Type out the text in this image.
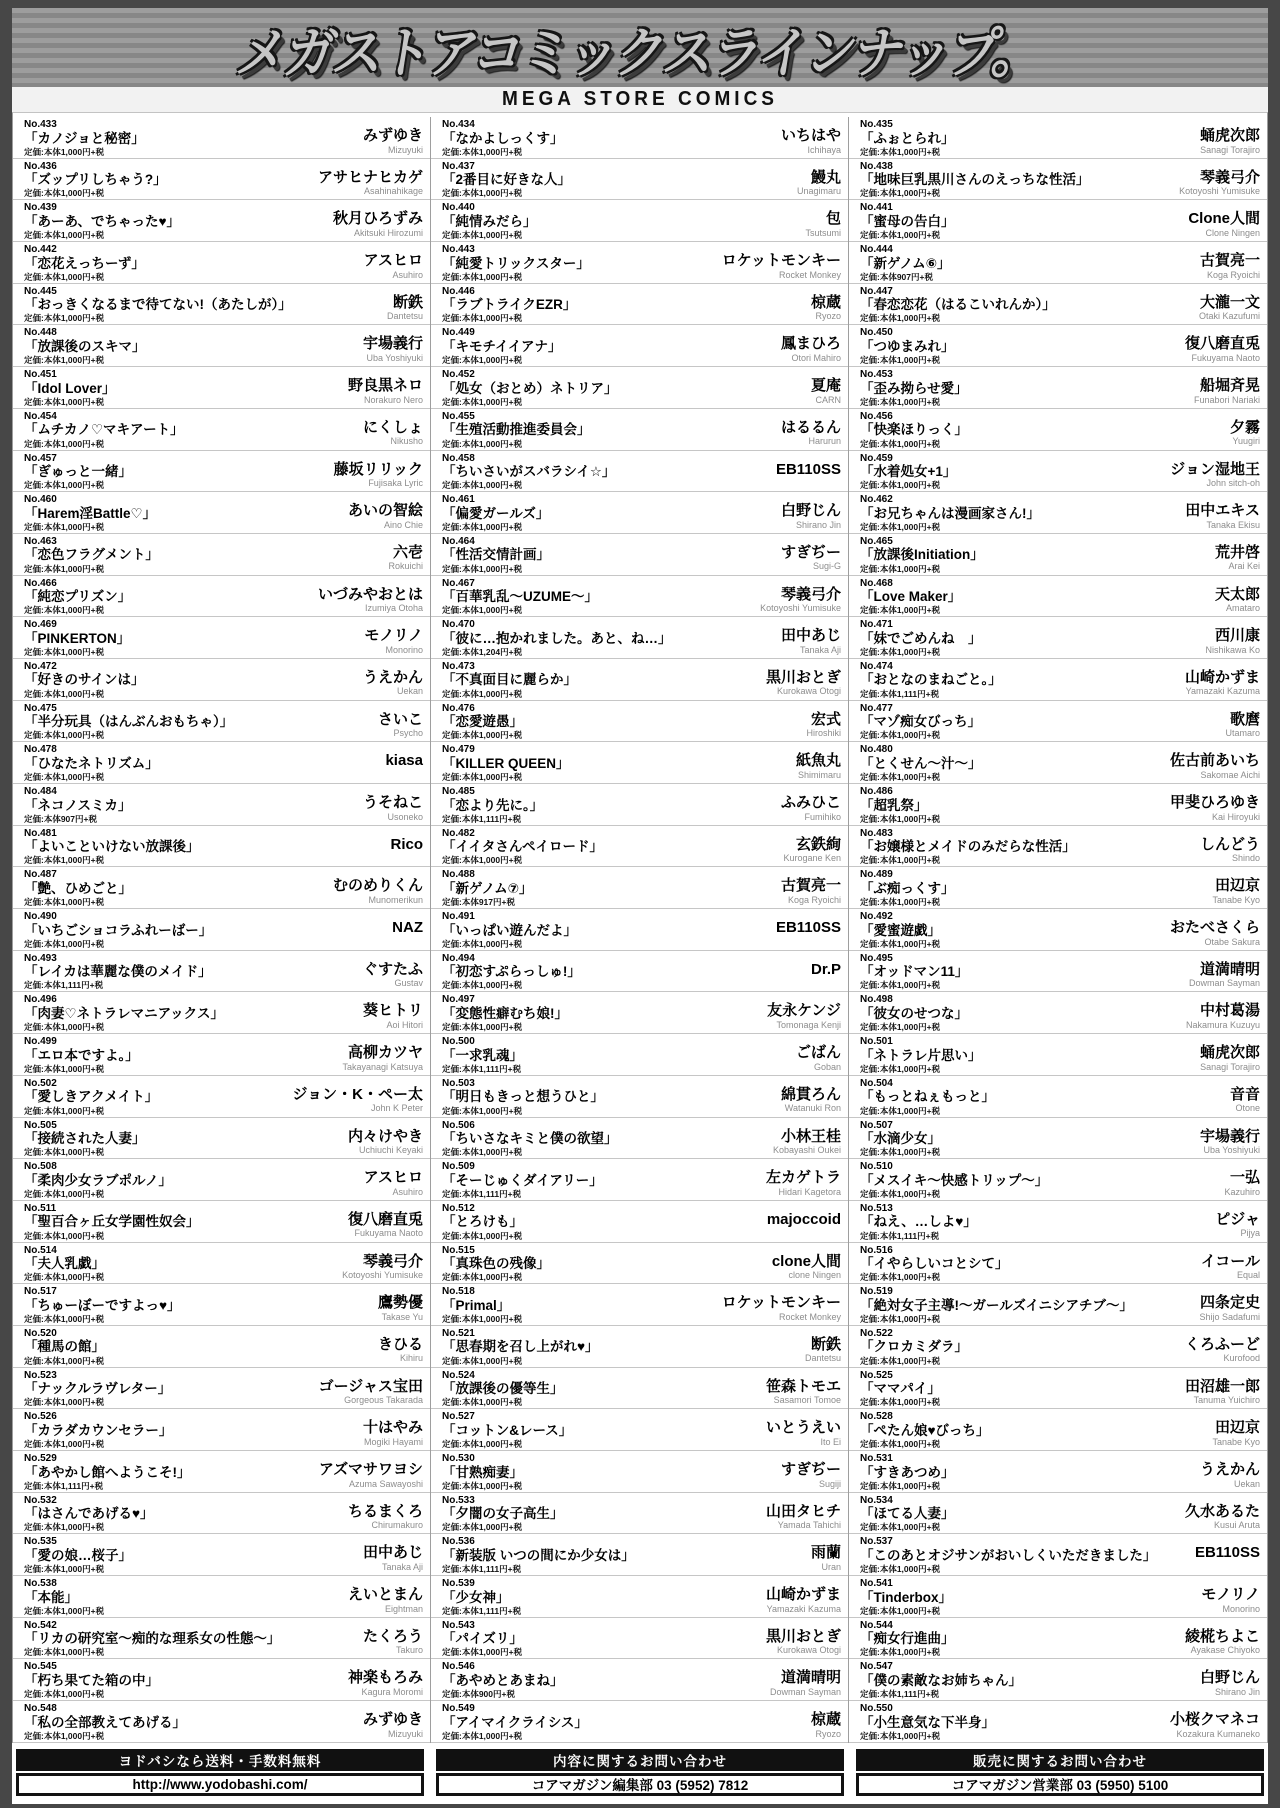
メガストアコミックスラインナップ。
MEGA STORE COMICS
No.433
「カノジョと秘密」
定価:本体1,000円+税
みずゆき
Mizuyuki
No.436
「ズップリしちゃう?」
定価:本体1,000円+税
アサヒナヒカゲ
Asahinahikage
No.439
「あーあ、でちゃった♥」
定価:本体1,000円+税
秋月ひろずみ
Akitsuki Hirozumi
No.442
「恋花えっちーず」
定価:本体1,000円+税
アスヒロ
Asuhiro
No.445
「おっきくなるまで待てない!（あたしが）」
定価:本体1,000円+税
断鉄
Dantetsu
No.448
「放課後のスキマ」
定価:本体1,000円+税
宇場義行
Uba Yoshiyuki
No.451
「Idol Lover」
定価:本体1,000円+税
野良黒ネロ
Norakuro Nero
No.454
「ムチカノ♡マキアート」
定価:本体1,000円+税
にくしょ
Nikusho
No.457
「ぎゅっと一緒」
定価:本体1,000円+税
藤坂リリック
Fujisaka Lyric
No.460
「Harem淫Battle♡」
定価:本体1,000円+税
あいの智絵
Aino Chie
No.463
「恋色フラグメント」
定価:本体1,000円+税
六壱
Rokuichi
No.466
「純恋プリズン」
定価:本体1,000円+税
いづみやおとは
Izumiya Otoha
No.469
「PINKERTON」
定価:本体1,000円+税
モノリノ
Monorino
No.472
「好きのサインは」
定価:本体1,000円+税
うえかん
Uekan
No.475
「半分玩具（はんぶんおもちゃ）」
定価:本体1,000円+税
さいこ
Psycho
No.478
「ひなたネトリズム」
定価:本体1,000円+税
kiasa
No.484
「ネコノスミカ」
定価:本体907円+税
うそねこ
Usoneko
No.481
「よいこといけない放課後」
定価:本体1,000円+税
Rico
No.487
「艶、ひめごと」
定価:本体1,000円+税
むのめりくん
Munomerikun
No.490
「いちごショコラふれーばー」
定価:本体1,000円+税
NAZ
No.493
「レイカは華麗な僕のメイド」
定価:本体1,111円+税
ぐすたふ
Gustav
No.496
「肉妻♡ネトラレマニアックス」
定価:本体1,000円+税
葵ヒトリ
Aoi Hitori
No.499
「エロ本ですよ。」
定価:本体1,000円+税
高柳カツヤ
Takayanagi Katsuya
No.502
「愛しきアクメイト」
定価:本体1,000円+税
ジョン・K・ペー太
John K Peter
No.505
「接続された人妻」
定価:本体1,000円+税
内々けやき
Uchiuchi Keyaki
No.508
「柔肉少女ラブポルノ」
定価:本体1,000円+税
アスヒロ
Asuhiro
No.511
「聖百合ヶ丘女学園性奴会」
定価:本体1,000円+税
復八磨直兎
Fukuyama Naoto
No.514
「夫人乳戯」
定価:本体1,000円+税
琴義弓介
Kotoyoshi Yumisuke
No.517
「ちゅーぼーですよっ♥」
定価:本体1,000円+税
鷹勢優
Takase Yu
No.520
「種馬の館」
定価:本体1,000円+税
きひる
Kihiru
No.523
「ナックルラヴレター」
定価:本体1,000円+税
ゴージャス宝田
Gorgeous Takarada
No.526
「カラダカウンセラー」
定価:本体1,000円+税
十はやみ
Mogiki Hayami
No.529
「あやかし館へようこそ!」
定価:本体1,111円+税
アズマサワヨシ
Azuma Sawayoshi
No.532
「はさんであげる♥」
定価:本体1,000円+税
ちるまくろ
Chirumakuro
No.535
「愛の娘…桜子」
定価:本体1,000円+税
田中あじ
Tanaka Aji
No.538
「本能」
定価:本体1,000円+税
えいとまん
Eightman
No.542
「リカの研究室～痴的な理系女の性態～」
定価:本体1,000円+税
たくろう
Takuro
No.545
「朽ち果てた箱の中」
定価:本体1,000円+税
神楽もろみ
Kagura Moromi
No.548
「私の全部教えてあげる」
定価:本体1,000円+税
みずゆき
Mizuyuki
No.434
「なかよしっくす」
定価:本体1,000円+税
いちはや
Ichihaya
No.437
「2番目に好きな人」
定価:本体1,000円+税
鰻丸
Unagimaru
No.440
「純情みだら」
定価:本体1,000円+税
包
Tsutsumi
No.443
「純愛トリックスター」
定価:本体1,000円+税
ロケットモンキー
Rocket Monkey
No.446
「ラブトライクEZR」
定価:本体1,000円+税
椋蔵
Ryozo
No.449
「キモチイイアナ」
定価:本体1,000円+税
鳳まひろ
Otori Mahiro
No.452
「処女（おとめ）ネトリア」
定価:本体1,000円+税
夏庵
CARN
No.455
「生殖活動推進委員会」
定価:本体1,000円+税
はるるん
Harurun
No.458
「ちいさいがスバラシイ☆」
定価:本体1,000円+税
EB110SS
No.461
「偏愛ガールズ」
定価:本体1,000円+税
白野じん
Shirano Jin
No.464
「性活交情計画」
定価:本体1,000円+税
すぎぢー
Sugi-G
No.467
「百華乳乱～UZUME～」
定価:本体1,000円+税
琴義弓介
Kotoyoshi Yumisuke
No.470
「彼に…抱かれました。あと、ね…」
定価:本体1,204円+税
田中あじ
Tanaka Aji
No.473
「不真面目に麗らか」
定価:本体1,000円+税
黒川おとぎ
Kurokawa Otogi
No.476
「恋愛遊愚」
定価:本体1,000円+税
宏式
Hiroshiki
No.479
「KILLER QUEEN」
定価:本体1,000円+税
紙魚丸
Shimimaru
No.485
「恋より先に。」
定価:本体1,111円+税
ふみひこ
Fumihiko
No.482
「イイタさんペイロード」
定価:本体1,000円+税
玄鉄絢
Kurogane Ken
No.488
「新ゲノム⑦」
定価:本体917円+税
古賀亮一
Koga Ryoichi
No.491
「いっぱい遊んだよ」
定価:本体1,000円+税
EB110SS
No.494
「初恋すぷらっしゅ!」
定価:本体1,000円+税
Dr.P
No.497
「変態性癖むち娘!」
定価:本体1,000円+税
友永ケンジ
Tomonaga Kenji
No.500
「一求乳魂」
定価:本体1,111円+税
ごばん
Goban
No.503
「明日もきっと想うひと」
定価:本体1,000円+税
綿貫ろん
Watanuki Ron
No.506
「ちいさなキミと僕の欲望」
定価:本体1,000円+税
小林王桂
Kobayashi Oukei
No.509
「そーじゅくダイアリー」
定価:本体1,111円+税
左カゲトラ
Hidari Kagetora
No.512
「とろけも」
定価:本体1,000円+税
majoccoid
No.515
「真珠色の残像」
定価:本体1,000円+税
clone人間
clone Ningen
No.518
「Primal」
定価:本体1,000円+税
ロケットモンキー
Rocket Monkey
No.521
「思春期を召し上がれ♥」
定価:本体1,000円+税
断鉄
Dantetsu
No.524
「放課後の優等生」
定価:本体1,000円+税
笹森トモエ
Sasamori Tomoe
No.527
「コットン&レース」
定価:本体1,000円+税
いとうえい
Ito Ei
No.530
「甘熟痴妻」
定価:本体1,000円+税
すぎぢー
Sugiji
No.533
「夕闇の女子高生」
定価:本体1,000円+税
山田タヒチ
Yamada Tahichi
No.536
「新装版 いつの間にか少女は」
定価:本体1,111円+税
雨蘭
Uran
No.539
「少女神」
定価:本体1,111円+税
山崎かずま
Yamazaki Kazuma
No.543
「パイズリ」
定価:本体1,000円+税
黒川おとぎ
Kurokawa Otogi
No.546
「あやめとあまね」
定価:本体900円+税
道満晴明
Dowman Sayman
No.549
「アイマイクライシス」
定価:本体1,000円+税
椋蔵
Ryozo
No.435
「ふぉとられ」
定価:本体1,000円+税
蛹虎次郎
Sanagi Torajiro
No.438
「地味巨乳黒川さんのえっちな性活」
定価:本体1,000円+税
琴義弓介
Kotoyoshi Yumisuke
No.441
「蜜母の告白」
定価:本体1,000円+税
Clone人間
Clone Ningen
No.444
「新ゲノム⑥」
定価:本体907円+税
古賀亮一
Koga Ryoichi
No.447
「春恋恋花（はるこいれんか）」
定価:本体1,000円+税
大瀧一文
Otaki Kazufumi
No.450
「つゆまみれ」
定価:本体1,000円+税
復八磨直兎
Fukuyama Naoto
No.453
「歪み拗らせ愛」
定価:本体1,000円+税
船堀斉晃
Funabori Nariaki
No.456
「快楽ほりっく」
定価:本体1,000円+税
夕霧
Yuugiri
No.459
「水着処女+1」
定価:本体1,000円+税
ジョン湿地王
John sitch-oh
No.462
「お兄ちゃんは漫画家さん!」
定価:本体1,000円+税
田中エキス
Tanaka Ekisu
No.465
「放課後Initiation」
定価:本体1,000円+税
荒井啓
Arai Kei
No.468
「Love Maker」
定価:本体1,000円+税
天太郎
Amataro
No.471
「妹でごめんね　」
定価:本体1,000円+税
西川康
Nishikawa Ko
No.474
「おとなのまねごと。」
定価:本体1,111円+税
山崎かずま
Yamazaki Kazuma
No.477
「マゾ痴女びっち」
定価:本体1,000円+税
歌麿
Utamaro
No.480
「とくせん～汁～」
定価:本体1,000円+税
佐古前あいち
Sakomae Aichi
No.486
「超乳祭」
定価:本体1,000円+税
甲斐ひろゆき
Kai Hiroyuki
No.483
「お嬢様とメイドのみだらな性活」
定価:本体1,000円+税
しんどう
Shindo
No.489
「ぶ痴っくす」
定価:本体1,000円+税
田辺京
Tanabe Kyo
No.492
「愛蜜遊戯」
定価:本体1,000円+税
おたべさくら
Otabe Sakura
No.495
「オッドマン11」
定価:本体1,000円+税
道満晴明
Dowman Sayman
No.498
「彼女のせつな」
定価:本体1,000円+税
中村葛湯
Nakamura Kuzuyu
No.501
「ネトラレ片思い」
定価:本体1,000円+税
蛹虎次郎
Sanagi Torajiro
No.504
「もっとねぇもっと」
定価:本体1,000円+税
音音
Otone
No.507
「水滴少女」
定価:本体1,000円+税
宇場義行
Uba Yoshiyuki
No.510
「メスイキ～快感トリップ～」
定価:本体1,000円+税
一弘
Kazuhiro
No.513
「ねえ、…しよ♥」
定価:本体1,111円+税
ピジャ
Pijya
No.516
「イやらしいコとシて」
定価:本体1,000円+税
イコール
Equal
No.519
「絶対女子主導!～ガールズイニシアチブ～」
定価:本体1,000円+税
四条定史
Shijo Sadafumi
No.522
「クロカミダラ」
定価:本体1,000円+税
くろふーど
Kurofood
No.525
「ママパイ」
定価:本体1,000円+税
田沼雄一郎
Tanuma Yuichiro
No.528
「ぺたん娘♥びっち」
定価:本体1,000円+税
田辺京
Tanabe Kyo
No.531
「すきあつめ」
定価:本体1,000円+税
うえかん
Uekan
No.534
「ほてる人妻」
定価:本体1,000円+税
久水あるた
Kusui Aruta
No.537
「このあとオジサンがおいしくいただきました」
定価:本体1,000円+税
EB110SS
No.541
「Tinderbox」
定価:本体1,000円+税
モノリノ
Monorino
No.544
「痴女行進曲」
定価:本体1,000円+税
綾椛ちよこ
Ayakase Chiyoko
No.547
「僕の素敵なお姉ちゃん」
定価:本体1,111円+税
白野じん
Shirano Jin
No.550
「小生意気な下半身」
定価:本体1,000円+税
小桜クマネコ
Kozakura Kumaneko
ヨドバシなら送料・手数料無料
http://www.yodobashi.com/
内容に関するお問い合わせ
コアマガジン編集部 03 (5952) 7812
販売に関するお問い合わせ
コアマガジン営業部 03 (5950) 5100
